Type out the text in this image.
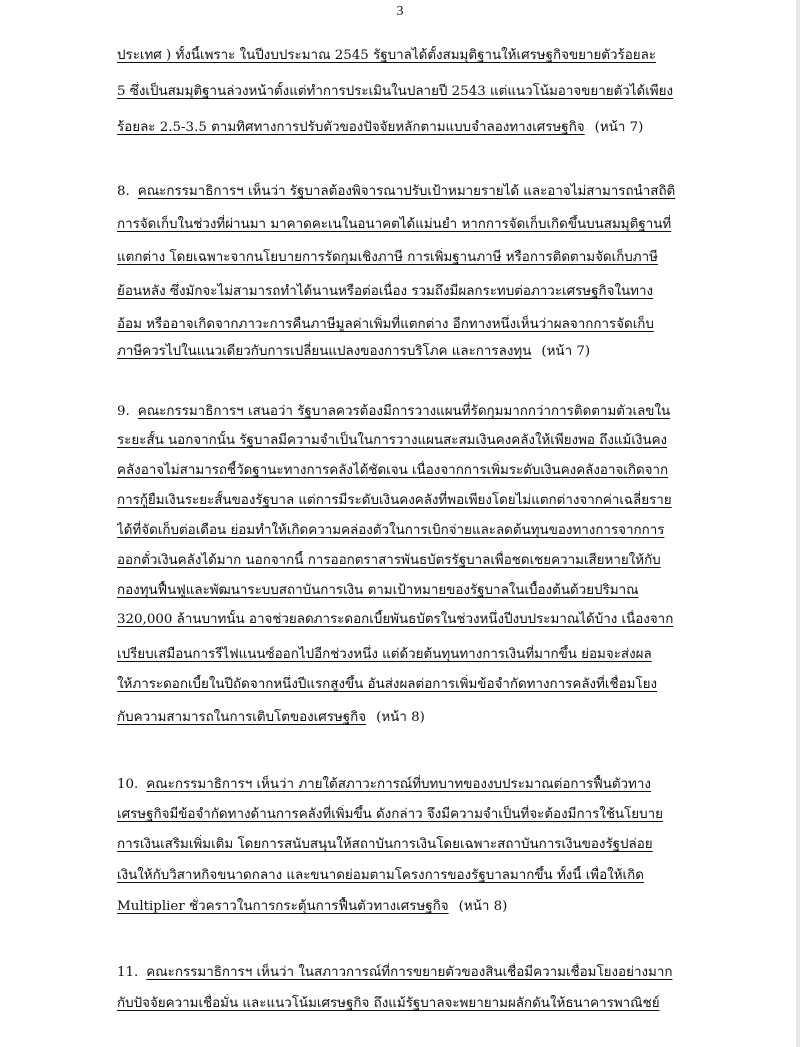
3
ประเทศ ) ทั้งนี้เพราะ ในปีงบประมาณ 2545 รัฐบาลได้ตั้งสมมุติฐานให้เศรษฐกิจขยายตัวร้อยละ
5 ซึ่งเป็นสมมุติฐานล่วงหน้าตั้งแต่ทำการประเมินในปลายปี 2543 แต่แนวโน้มอาจขยายตัวได้เพียง
ร้อยละ 2.5-3.5 ตามทิศทางการปรับตัวของปัจจัยหลักตามแบบจำลองทางเศรษฐกิจ (หน้า 7)
8. คณะกรรมาธิการฯ เห็นว่า รัฐบาลต้องพิจารณาปรับเป้าหมายรายได้ และอาจไม่สามารถนำสถิติ
การจัดเก็บในช่วงที่ผ่านมา มาคาดคะเนในอนาคตได้แม่นยำ หากการจัดเก็บเกิดขึ้นบนสมมุติฐานที่
แตกต่าง โดยเฉพาะจากนโยบายการรัดกุมเชิงภาษี การเพิ่มฐานภาษี หรือการติดตามจัดเก็บภาษี
ย้อนหลัง ซึ่งมักจะไม่สามารถทำได้นานหรือต่อเนื่อง รวมถึงมีผลกระทบต่อภาวะเศรษฐกิจในทาง
อ้อม หรืออาจเกิดจากภาวะการคืนภาษีมูลค่าเพิ่มที่แตกต่าง อีกทางหนึ่งเห็นว่าผลจากการจัดเก็บ
ภาษีควรไปในแนวเดียวกับการเปลี่ยนแปลงของการบริโภค และการลงทุน (หน้า 7)
9. คณะกรรมาธิการฯ เสนอว่า รัฐบาลควรต้องมีการวางแผนที่รัดกุมมากกว่าการติดตามตัวเลขใน
ระยะสั้น นอกจากนั้น รัฐบาลมีความจำเป็นในการวางแผนสะสมเงินคงคลังให้เพียงพอ ถึงแม้เงินคง
คลังอาจไม่สามารถชี้วัดฐานะทางการคลังได้ชัดเจน เนื่องจากการเพิ่มระดับเงินคงคลังอาจเกิดจาก
การกู้ยืมเงินระยะสั้นของรัฐบาล แต่การมีระดับเงินคงคลังที่พอเพียงโดยไม่แตกต่างจากค่าเฉลี่ยราย
ได้ที่จัดเก็บต่อเดือน ย่อมทำให้เกิดความคล่องตัวในการเบิกจ่ายและลดต้นทุนของทางการจากการ
ออกตั๋วเงินคลังได้มาก นอกจากนี้ การออกตราสารพันธบัตรรัฐบาลเพื่อชดเชยความเสียหายให้กับ
กองทุนฟื้นฟูและพัฒนาระบบสถาบันการเงิน ตามเป้าหมายของรัฐบาลในเบื้องต้นด้วยปริมาณ
320,000 ล้านบาทนั้น อาจช่วยลดภาระดอกเบี้ยพันธบัตรในช่วงหนึ่งปีงบประมาณได้บ้าง เนื่องจาก
เปรียบเสมือนการรีไฟแนนซ์ออกไปอีกช่วงหนึ่ง แต่ด้วยต้นทุนทางการเงินที่มากขึ้น ย่อมจะส่งผล
ให้ภาระดอกเบี้ยในปีถัดจากหนึ่งปีแรกสูงขึ้น อันส่งผลต่อการเพิ่มข้อจำกัดทางการคลังที่เชื่อมโยง
กับความสามารถในการเติบโตของเศรษฐกิจ (หน้า 8)
10. คณะกรรมาธิการฯ เห็นว่า ภายใต้สภาวะการณ์ที่บทบาทของงบประมาณต่อการฟื้นตัวทาง
เศรษฐกิจมีข้อจำกัดทางด้านการคลังที่เพิ่มขึ้น ดังกล่าว จึงมีความจำเป็นที่จะต้องมีการใช้นโยบาย
การเงินเสริมเพิ่มเติม โดยการสนับสนุนให้สถาบันการเงินโดยเฉพาะสถาบันการเงินของรัฐปล่อย
เงินให้กับวิสาหกิจขนาดกลาง และขนาดย่อมตามโครงการของรัฐบาลมากขึ้น ทั้งนี้ เพื่อให้เกิด
Multiplier ชั่วคราวในการกระตุ้นการฟื้นตัวทางเศรษฐกิจ (หน้า 8)
11. คณะกรรมาธิการฯ เห็นว่า ในสภาวการณ์ที่การขยายตัวของสินเชื่อมีความเชื่อมโยงอย่างมาก
กับปัจจัยความเชื่อมั่น และแนวโน้มเศรษฐกิจ ถึงแม้รัฐบาลจะพยายามผลักดันให้ธนาคารพาณิชย์
